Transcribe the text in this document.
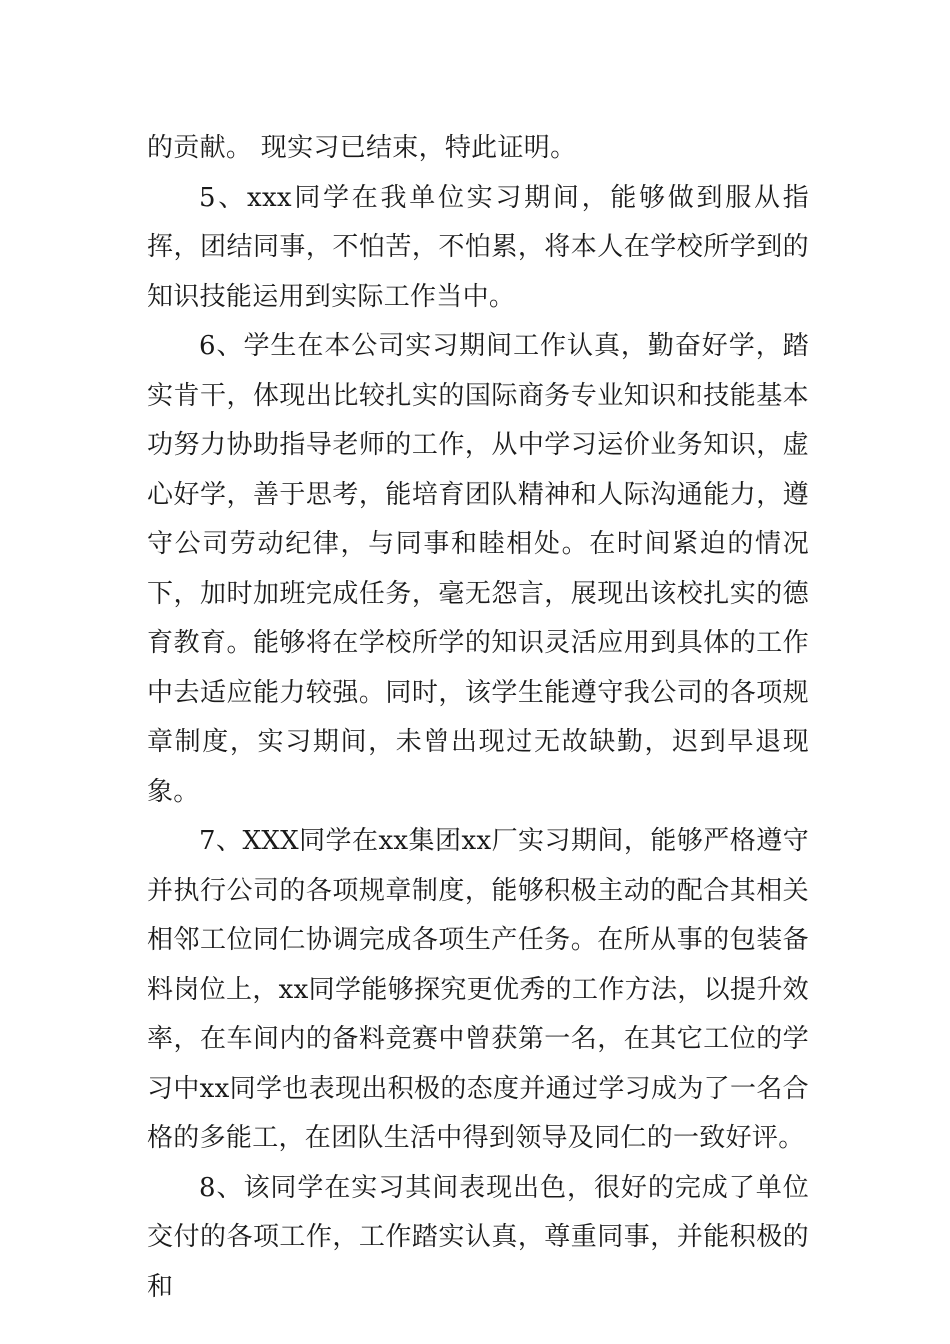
的贡献。 现实习已结束，特此证明。

5、xxx同学在我单位实习期间，能够做到服从指挥，团结同事，不怕苦，不怕累，将本人在学校所学到的知识技能运用到实际工作当中。

6、学生在本公司实习期间工作认真，勤奋好学，踏实肯干，体现出比较扎实的国际商务专业知识和技能基本功努力协助指导老师的工作，从中学习运价业务知识，虚心好学，善于思考，能培育团队精神和人际沟通能力，遵守公司劳动纪律，与同事和睦相处。在时间紧迫的情况下，加时加班完成任务，毫无怨言，展现出该校扎实的德育教育。能够将在学校所学的知识灵活应用到具体的工作中去适应能力较强。同时，该学生能遵守我公司的各项规章制度，实习期间，未曾出现过无故缺勤，迟到早退现象。

7、XXX同学在xx集团xx厂实习期间，能够严格遵守并执行公司的各项规章制度，能够积极主动的配合其相关相邻工位同仁协调完成各项生产任务。在所从事的包装备料岗位上，xx同学能够探究更优秀的工作方法，以提升效率，在车间内的备料竞赛中曾获第一名，在其它工位的学习中xx同学也表现出积极的态度并通过学习成为了一名合格的多能工，在团队生活中得到领导及同仁的一致好评。

8、该同学在实习其间表现出色，很好的完成了单位交付的各项工作，工作踏实认真，尊重同事，并能积极的和
